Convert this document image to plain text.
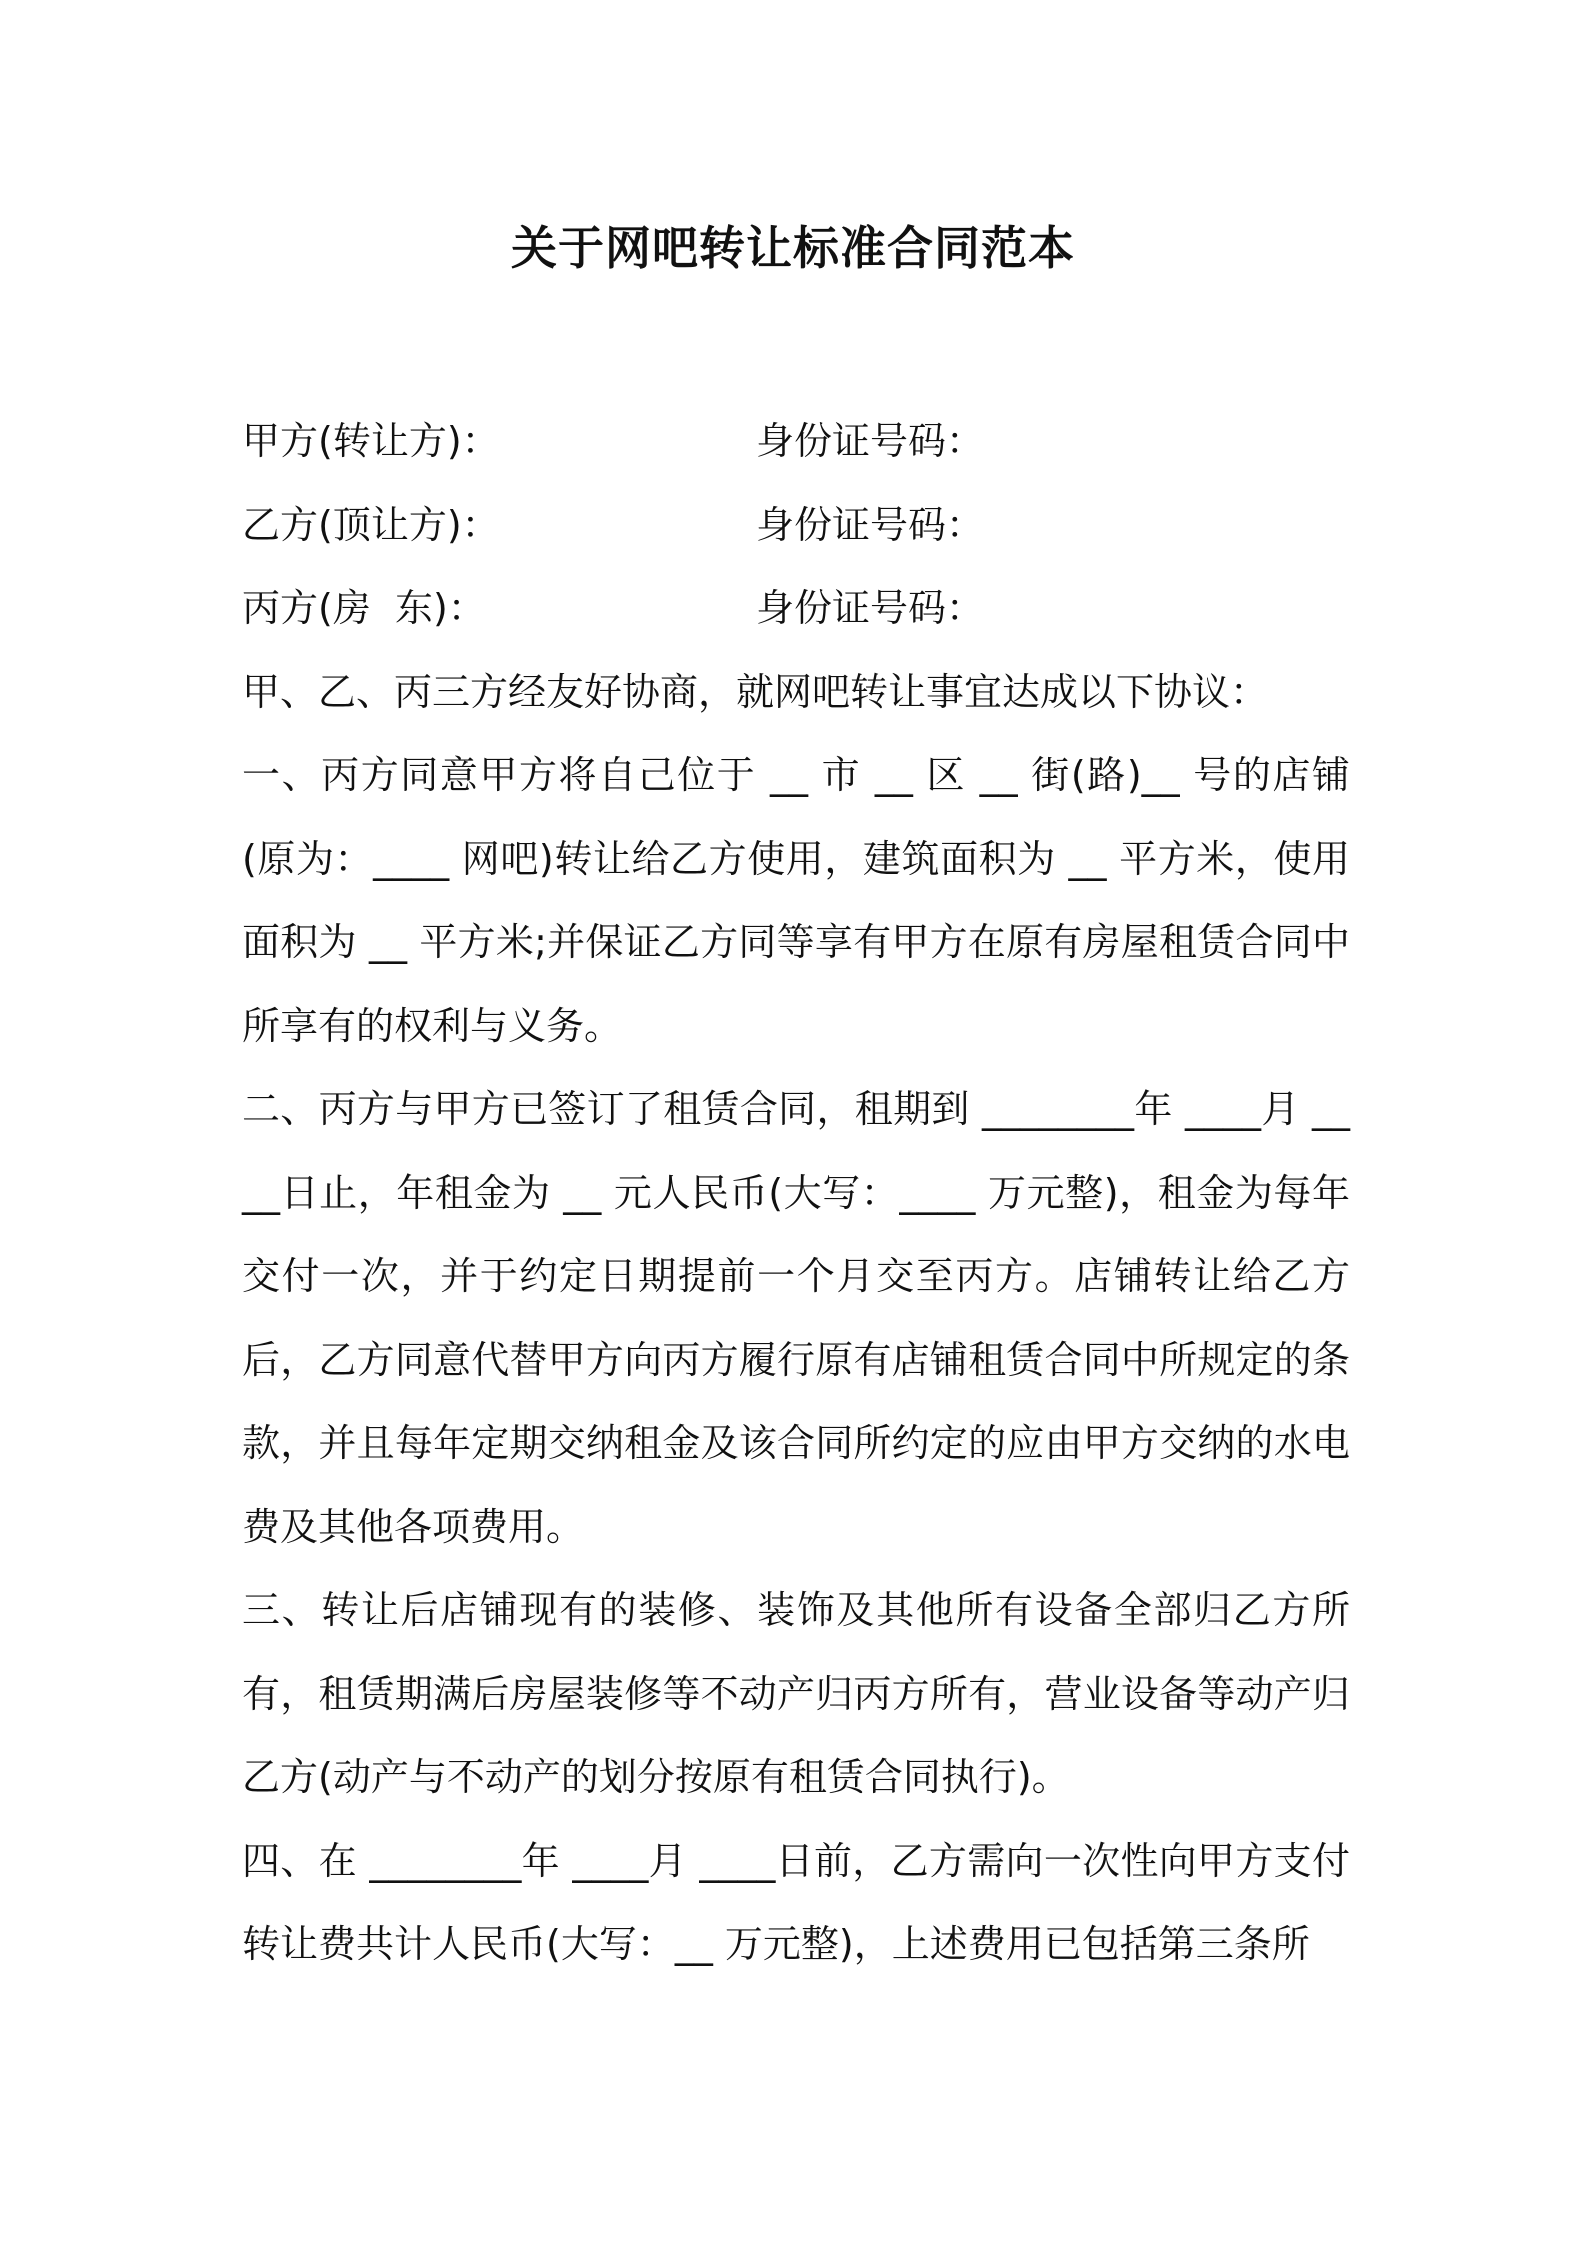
关于网吧转让标准合同范本
甲方(转让方)：	身份证号码：
乙方(顶让方)：	身份证号码：
丙方(房  东)：	身份证号码：

甲、乙、丙三方经友好协商，就网吧转让事宜达成以下协议：

一、丙方同意甲方将自己位于 __ 市 __ 区 __ 街(路)__ 号的店铺(原为：____ 网吧)转让给乙方使用，建筑面积为 __ 平方米，使用面积为 __ 平方米;并保证乙方同等享有甲方在原有房屋租赁合同中所享有的权利与义务。

二、丙方与甲方已签订了租赁合同，租期到 ________年 ____月 ____日止，年租金为 __ 元人民币(大写：____ 万元整)，租金为每年交付一次，并于约定日期提前一个月交至丙方。店铺转让给乙方后，乙方同意代替甲方向丙方履行原有店铺租赁合同中所规定的条款，并且每年定期交纳租金及该合同所约定的应由甲方交纳的水电费及其他各项费用。

三、转让后店铺现有的装修、装饰及其他所有设备全部归乙方所有，租赁期满后房屋装修等不动产归丙方所有，营业设备等动产归乙方(动产与不动产的划分按原有租赁合同执行)。

四、在 ________年 ____月 ____日前，乙方需向一次性向甲方支付转让费共计人民币(大写：__ 万元整)，上述费用已包括第三条所
